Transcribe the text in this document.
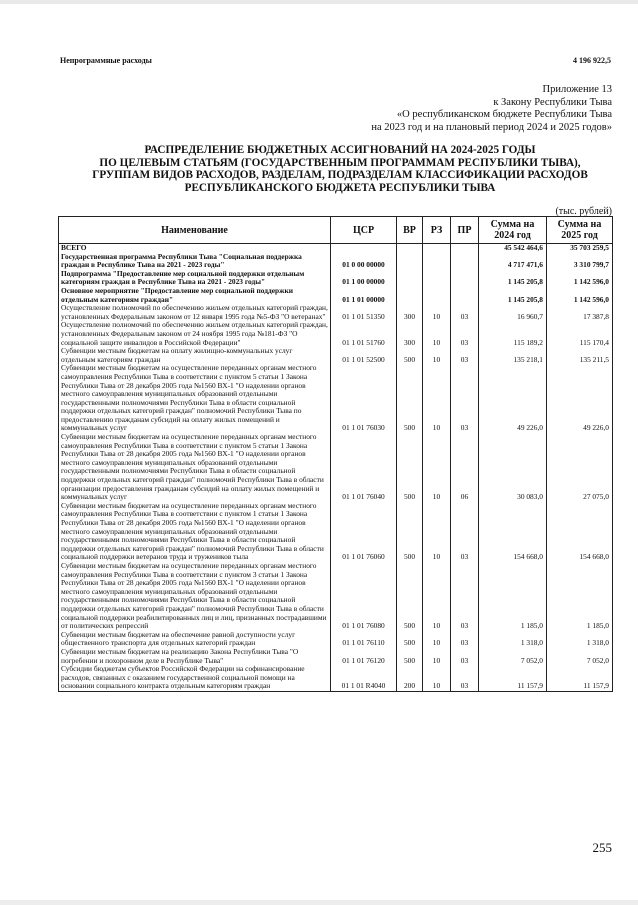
Непрограммные расходы	4 196 922,5
Приложение 13
к Закону Республики Тыва
«О республиканском бюджете Республики Тыва
на 2023 год и на плановый период 2024 и 2025 годов»
РАСПРЕДЕЛЕНИЕ БЮДЖЕТНЫХ АССИГНОВАНИЙ НА 2024-2025 ГОДЫ
ПО ЦЕЛЕВЫМ СТАТЬЯМ (ГОСУДАРСТВЕННЫМ ПРОГРАММАМ РЕСПУБЛИКИ ТЫВА),
ГРУППАМ ВИДОВ РАСХОДОВ, РАЗДЕЛАМ, ПОДРАЗДЕЛАМ КЛАССИФИКАЦИИ РАСХОДОВ
РЕСПУБЛИКАНСКОГО БЮДЖЕТА РЕСПУБЛИКИ ТЫВА
(тыс. рублей)
Наименование	ЦСР	ВР	РЗ	ПР	Сумма на 2024 год	Сумма на 2025 год
ВСЕГО					45 542 464,6	35 703 259,5
Государственная программа Республики Тыва "Социальная поддержка граждан в Республике Тыва на 2021 - 2023 годы"	01 0 00 00000				4 717 471,6	3 310 799,7
Подпрограмма "Предоставление мер социальной поддержки отдельным категориям граждан в Республике Тыва на 2021 - 2023 годы"	01 1 00 00000				1 145 205,8	1 142 596,0
Основное мероприятие "Предоставление мер социальной поддержки отдельным категориям граждан"	01 1 01 00000				1 145 205,8	1 142 596,0
Осуществление полномочий по обеспечению жильем отдельных категорий граждан, установленных Федеральным законом от 12 января 1995 года №5-ФЗ "О ветеранах"	01 1 01 51350	300	10	03	16 960,7	17 387,8
Осуществление полномочий по обеспечению жильем отдельных категорий граждан, установленных Федеральным законом от 24 ноября 1995 года №181-ФЗ "О социальной защите инвалидов в Российской Федерации"	01 1 01 51760	300	10	03	115 189,2	115 170,4
Субвенции местным бюджетам на оплату жилищно-коммунальных услуг отдельным категориям граждан	01 1 01 52500	500	10	03	135 218,1	135 211,5
Субвенции местным бюджетам на осуществление переданных органам местного самоуправления Республики Тыва в соответствии с пунктом 5 статьи 1 Закона Республики Тыва от 28 декабря 2005 года №1560 ВХ-1 "О наделении органов местного самоуправления муниципальных образований отдельными государственными полномочиями Республики Тыва в области социальной поддержки отдельных категорий граждан" полномочий Республики Тыва по предоставлению гражданам субсидий на оплату жилых помещений и коммунальных услуг	01 1 01 76030	500	10	03	49 226,0	49 226,0
Субвенции местным бюджетам на осуществление переданных органам местного самоуправления Республики Тыва в соответствии с пунктом 5 статьи 1 Закона Республики Тыва от 28 декабря 2005 года №1560 ВХ-1 "О наделении органов местного самоуправления муниципальных образований отдельными государственными полномочиями Республики Тыва в области социальной поддержки отдельных категорий граждан" полномочий Республики Тыва в области организации предоставления гражданам субсидий на оплату жилых помещений и коммунальных услуг	01 1 01 76040	500	10	06	30 083,0	27 075,0
Субвенции местным бюджетам на осуществление переданных органам местного самоуправления Республики Тыва в соответствии с пунктом 1 статьи 1 Закона Республики Тыва от 28 декабря 2005 года №1560 ВХ-1 "О наделении органов местного самоуправления муниципальных образований отдельными государственными полномочиями Республики Тыва в области социальной поддержки отдельных категорий граждан" полномочий Республики Тыва в области социальной поддержки ветеранов труда и тружеников тыла	01 1 01 76060	500	10	03	154 668,0	154 668,0
Субвенции местным бюджетам на осуществление переданных органам местного самоуправления Республики Тыва в соответствии с пунктом 3 статьи 1 Закона Республики Тыва от 28 декабря 2005 года №1560 ВХ-1 "О наделении органов местного самоуправления муниципальных образований отдельными государственными полномочиями Республики Тыва в области социальной поддержки отдельных категорий граждан" полномочий Республики Тыва в области социальной поддержки реабилитированных лиц и лиц, признанных пострадавшими от политических репрессий	01 1 01 76080	500	10	03	1 185,0	1 185,0
Субвенции местным бюджетам на обеспечение равной доступности услуг общественного транспорта для отдельных категорий граждан	01 1 01 76110	500	10	03	1 318,0	1 318,0
Субвенции местным бюджетам на реализацию Закона Республики Тыва "О погребении и похоронном деле в Республике Тыва"	01 1 01 76120	500	10	03	7 052,0	7 052,0
Субсидии бюджетам субъектов Российской Федерации на софинансирование расходов, связанных с оказанием государственной социальной помощи на основании социального контракта отдельным категориям граждан	01 1 01 R4040	200	10	03	11 157,9	11 157,9
255
